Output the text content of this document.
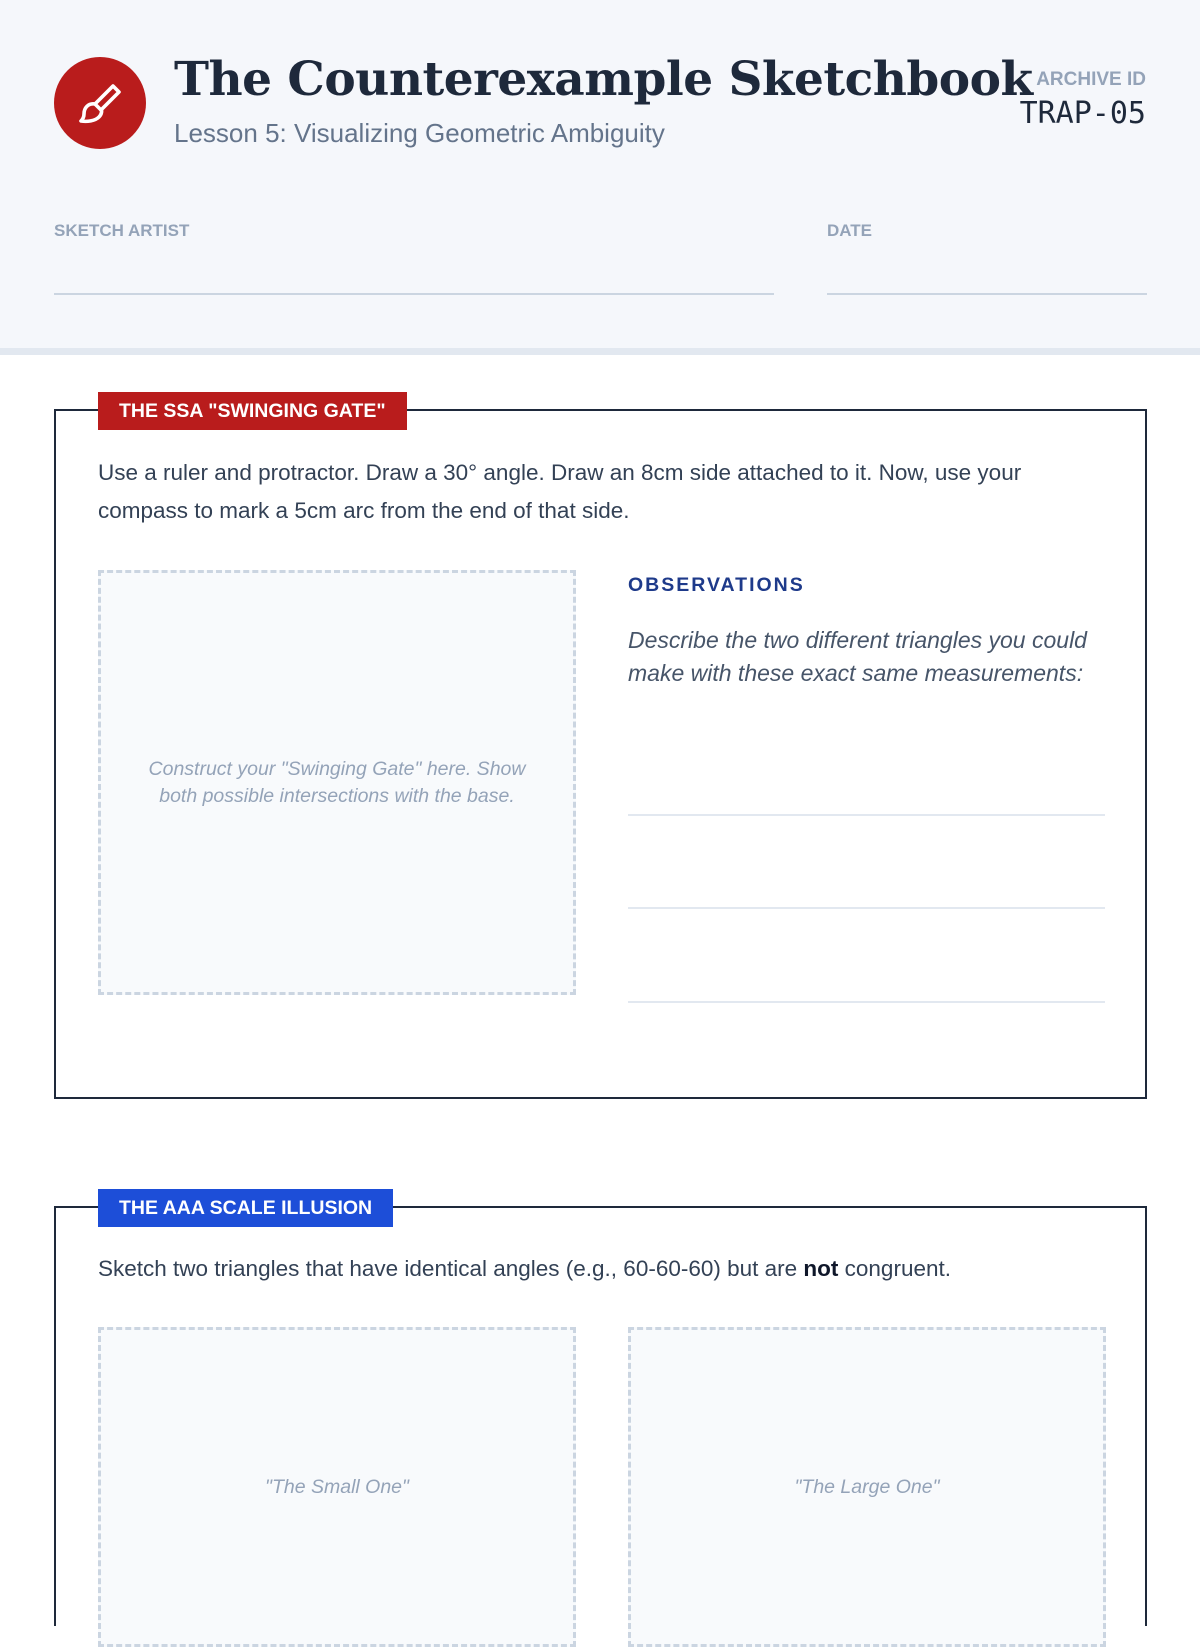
The Counterexample Sketchbook
Lesson 5: Visualizing Geometric Ambiguity
ARCHIVE ID
TRAP-05
SKETCH ARTIST	DATE
THE SSA "SWINGING GATE"
Use a ruler and protractor. Draw a 30° angle. Draw an 8cm side attached to it. Now, use your compass to mark a 5cm arc from the end of that side.
Construct your "Swinging Gate" here. Show both possible intersections with the base.
OBSERVATIONS
Describe the two different triangles you could make with these exact same measurements:
THE AAA SCALE ILLUSION
Sketch two triangles that have identical angles (e.g., 60-60-60) but are not congruent.
"The Small One"	"The Large One"
